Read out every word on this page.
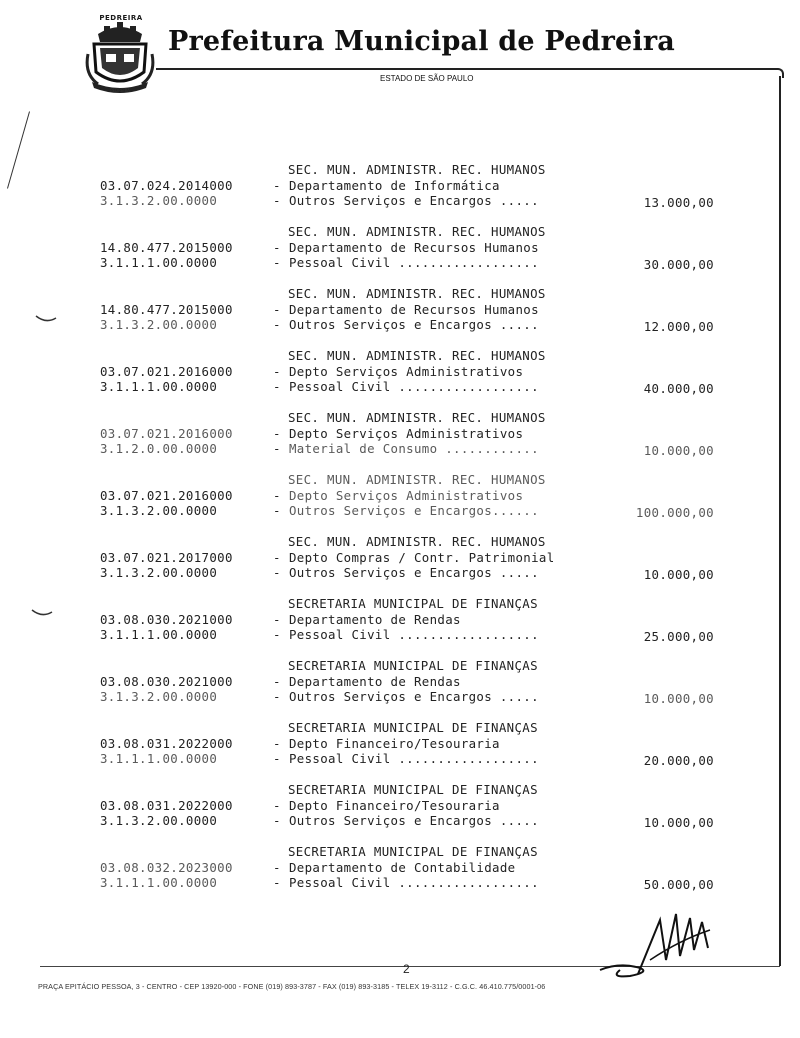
PEDREIRA
PEDREIRA
Prefeitura Municipal de Pedreira
ESTADO DE SÃO PAULO
SEC. MUN. ADMINISTR. REC. HUMANOS
03.07.024.2014000	- Departamento de Informática
3.1.3.2.00.0000	- Outros Serviços e Encargos .....	13.000,00
SEC. MUN. ADMINISTR. REC. HUMANOS
14.80.477.2015000	- Departamento de Recursos Humanos
3.1.1.1.00.0000	- Pessoal Civil ..................	30.000,00
SEC. MUN. ADMINISTR. REC. HUMANOS
14.80.477.2015000	- Departamento de Recursos Humanos
3.1.3.2.00.0000	- Outros Serviços e Encargos .....	12.000,00
SEC. MUN. ADMINISTR. REC. HUMANOS
03.07.021.2016000	- Depto Serviços Administrativos
3.1.1.1.00.0000	- Pessoal Civil ..................	40.000,00
SEC. MUN. ADMINISTR. REC. HUMANOS
03.07.021.2016000	- Depto Serviços Administrativos
3.1.2.0.00.0000	- Material de Consumo ............	10.000,00
SEC. MUN. ADMINISTR. REC. HUMANOS
03.07.021.2016000	- Depto Serviços Administrativos
3.1.3.2.00.0000	- Outros Serviços e Encargos......	100.000,00
SEC. MUN. ADMINISTR. REC. HUMANOS
03.07.021.2017000	- Depto Compras / Contr. Patrimonial
3.1.3.2.00.0000	- Outros Serviços e Encargos .....	10.000,00
SECRETARIA MUNICIPAL DE FINANÇAS
03.08.030.2021000	- Departamento de Rendas
3.1.1.1.00.0000	- Pessoal Civil ..................	25.000,00
SECRETARIA MUNICIPAL DE FINANÇAS
03.08.030.2021000	- Departamento de Rendas
3.1.3.2.00.0000	- Outros Serviços e Encargos .....	10.000,00
SECRETARIA MUNICIPAL DE FINANÇAS
03.08.031.2022000	- Depto Financeiro/Tesouraria
3.1.1.1.00.0000	- Pessoal Civil ..................	20.000,00
SECRETARIA MUNICIPAL DE FINANÇAS
03.08.031.2022000	- Depto Financeiro/Tesouraria
3.1.3.2.00.0000	- Outros Serviços e Encargos .....	10.000,00
SECRETARIA MUNICIPAL DE FINANÇAS
03.08.032.2023000	- Departamento de Contabilidade
3.1.1.1.00.0000	- Pessoal Civil ..................	50.000,00
2
PRAÇA EPITÁCIO PESSOA, 3 - CENTRO - CEP 13920-000 - FONE (019) 893-3787 - FAX (019) 893-3185 - TELEX 19-3112 - C.G.C. 46.410.775/0001-06
